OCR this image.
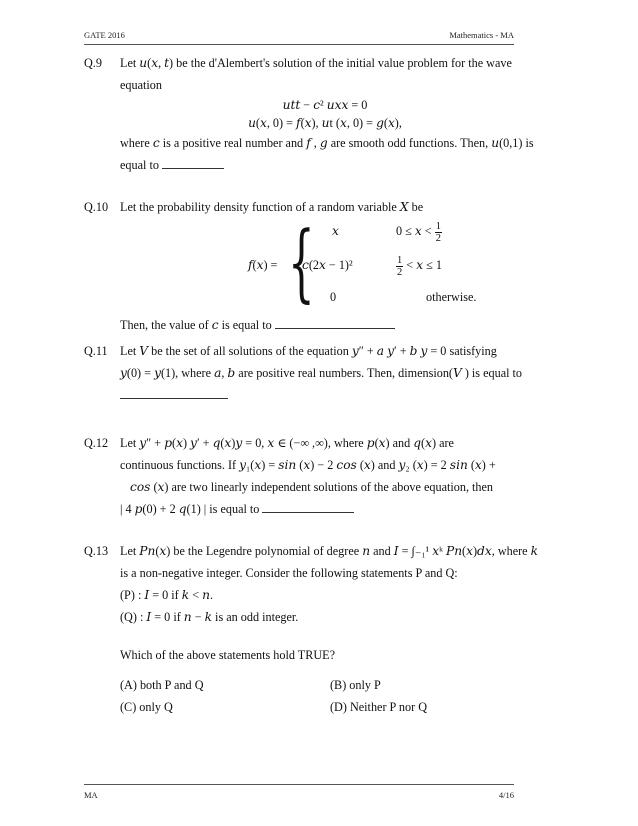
GATE 2016	Mathematics - MA
Q.9 Let 𝑢(𝑥, 𝑡) be the d'Alembert's solution of the initial value problem for the wave
equation
𝑢𝑡𝑡 − 𝑐² 𝑢𝑥𝑥 = 0
𝑢(𝑥, 0) = 𝑓(𝑥), 𝑢t (𝑥, 0) = 𝑔(𝑥),
where 𝑐 is a positive real number and 𝑓 , 𝑔 are smooth odd functions. Then, 𝑢(0,1) is
equal to
Q.10 Let the probability density function of a random variable 𝑋 be
𝑓(𝑥) = { 𝑥	0 ≤ 𝑥 < $\frac{1}{2}$
𝑐(2𝑥 − 1)²	$\frac{1}{2}$ < 𝑥 ≤ 1
0	otherwise.
Then, the value of 𝑐 is equal to
Q.11 Let 𝑉 be the set of all solutions of the equation 𝑦″ + 𝑎 𝑦′ + 𝑏 𝑦 = 0 satisfying
𝑦(0) = 𝑦(1), where 𝑎, 𝑏 are positive real numbers. Then, dimension(𝑉 ) is equal to
Q.12 Let 𝑦″ + 𝑝(𝑥) 𝑦′ + 𝑞(𝑥)𝑦 = 0, 𝑥 ∈ (−∞ ,∞), where 𝑝(𝑥) and 𝑞(𝑥) are
continuous functions. If 𝑦₁(𝑥) = 𝑠𝑖𝑛 (𝑥) − 2 𝑐𝑜𝑠 (𝑥) and 𝑦₂ (𝑥) = 2 𝑠𝑖𝑛 (𝑥) +
𝑐𝑜𝑠 (𝑥) are two linearly independent solutions of the above equation, then
| 4 𝑝(0) + 2 𝑞(1) | is equal to
Q.13 Let 𝑃𝑛(𝑥) be the Legendre polynomial of degree 𝑛 and 𝐼 = ∫₋₁¹ 𝑥ᵏ 𝑃𝑛(𝑥)𝑑𝑥, where 𝑘
is a non-negative integer. Consider the following statements P and Q:
(P) : 𝐼 = 0 if 𝑘 < 𝑛.
(Q) : 𝐼 = 0 if 𝑛 − 𝑘 is an odd integer.
Which of the above statements hold TRUE?
(A) both P and Q	(B) only P
(C) only Q	(D) Neither P nor Q
MA	4/16
